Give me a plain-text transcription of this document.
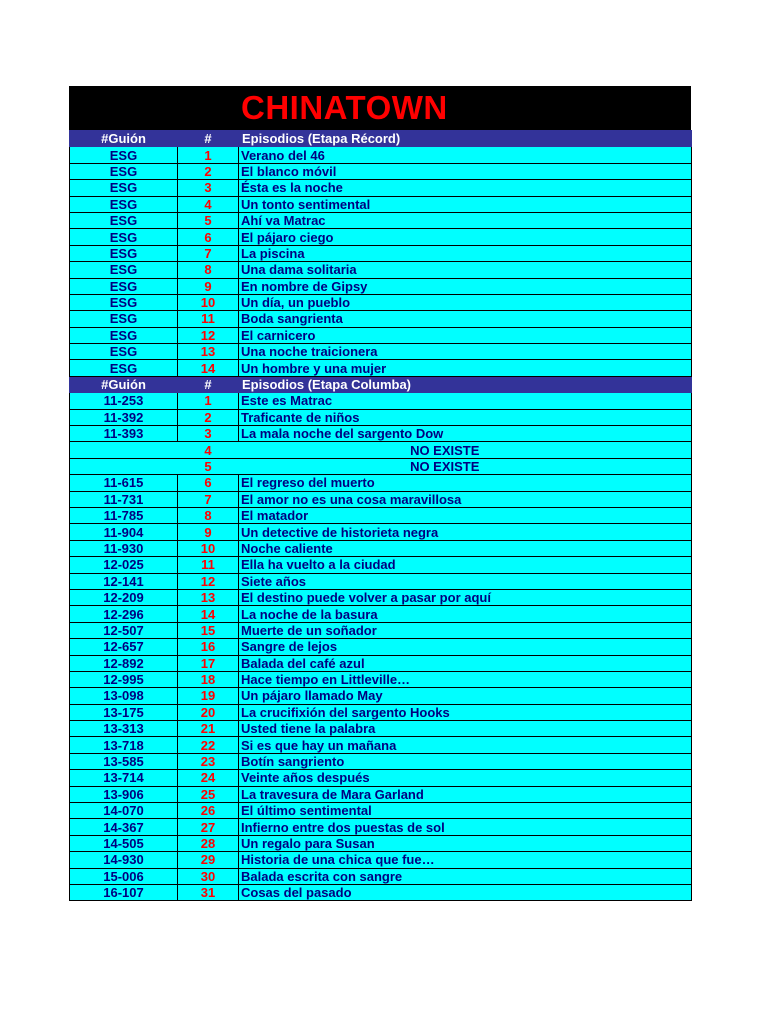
CHINATOWN
#Guión	#	Episodios (Etapa Récord)
ESG	1	Verano del 46
ESG	2	El blanco móvil
ESG	3	Ésta es la noche
ESG	4	Un tonto sentimental
ESG	5	Ahí va Matrac
ESG	6	El pájaro ciego
ESG	7	La piscina
ESG	8	Una dama solitaria
ESG	9	En nombre de Gipsy
ESG	10	Un día, un pueblo
ESG	11	Boda sangrienta
ESG	12	El carnicero
ESG	13	Una noche traicionera
ESG	14	Un hombre y una mujer
#Guión	#	Episodios (Etapa Columba)
11-253	1	Este es Matrac
11-392	2	Traficante de niños
11-393	3	La mala noche del sargento Dow
	4	NO EXISTE
	5	NO EXISTE
11-615	6	El regreso del muerto
11-731	7	El amor no es una cosa maravillosa
11-785	8	El matador
11-904	9	Un detective de historieta negra
11-930	10	Noche caliente
12-025	11	Ella ha vuelto a la ciudad
12-141	12	Siete años
12-209	13	El destino puede volver a pasar por aquí
12-296	14	La noche de la basura
12-507	15	Muerte de un soñador
12-657	16	Sangre de lejos
12-892	17	Balada del café azul
12-995	18	Hace tiempo en Littleville…
13-098	19	Un pájaro llamado May
13-175	20	La crucifixión del sargento Hooks
13-313	21	Usted tiene la palabra
13-718	22	Si es que hay un mañana
13-585	23	Botín sangriento
13-714	24	Veinte años después
13-906	25	La travesura de Mara Garland
14-070	26	El último sentimental
14-367	27	Infierno entre dos puestas de sol
14-505	28	Un regalo para Susan
14-930	29	Historia de una chica que fue…
15-006	30	Balada escrita con sangre
16-107	31	Cosas del pasado
